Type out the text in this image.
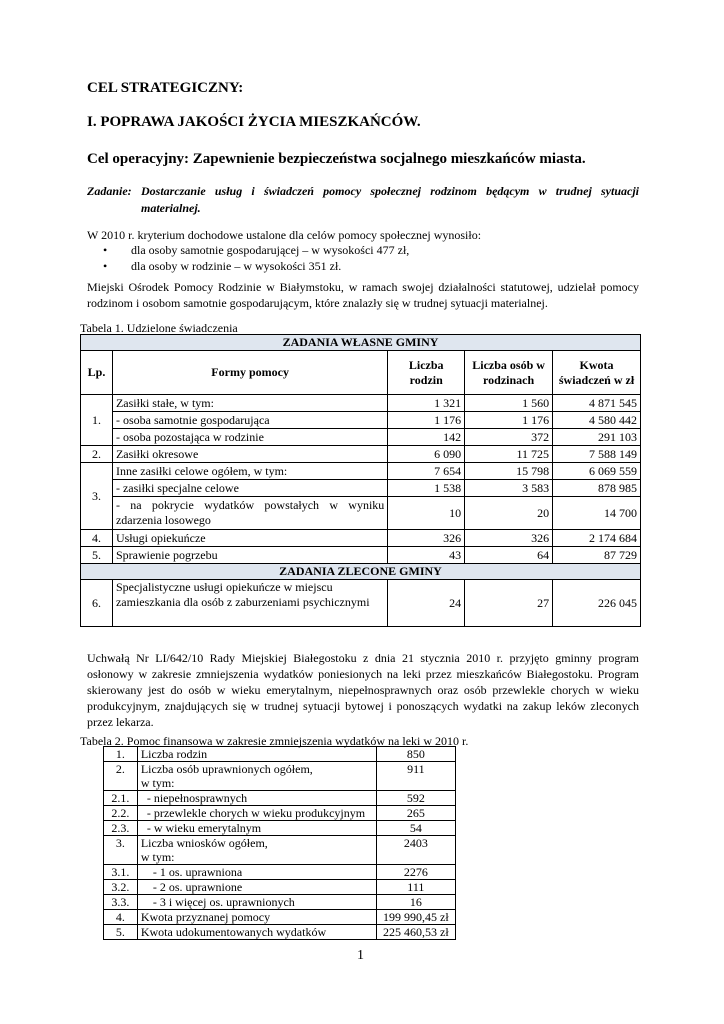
CEL STRATEGICZNY:
I. POPRAWA JAKOŚCI ŻYCIA MIESZKAŃCÓW.
Cel operacyjny: Zapewnienie bezpieczeństwa socjalnego mieszkańców miasta.
Zadanie: Dostarczanie usług i świadczeń pomocy społecznej rodzinom będącym w trudnej sytuacji materialnej.
W 2010 r. kryterium dochodowe ustalone dla celów pomocy społecznej wynosiło:
• dla osoby samotnie gospodarującej – w wysokości 477 zł,
• dla osoby w rodzinie – w wysokości 351 zł.
Miejski Ośrodek Pomocy Rodzinie w Białymstoku, w ramach swojej działalności statutowej, udzielał pomocy rodzinom i osobom samotnie gospodarującym, które znalazły się w trudnej sytuacji materialnej.
Tabela 1. Udzielone świadczenia
ZADANIA WŁASNE GMINY				
Lp.	Formy pomocy	Liczba rodzin	Liczba osób w rodzinach	Kwota świadczeń w zł
1.	Zasiłki stałe, w tym:	1 321	1 560	4 871 545
	- osoba samotnie gospodarująca	1 176	1 176	4 580 442
	- osoba pozostająca w rodzinie	142	372	291 103
2.	Zasiłki okresowe	6 090	11 725	7 588 149
3.	Inne zasiłki celowe ogółem, w tym:	7 654	15 798	6 069 559
	- zasiłki specjalne celowe	1 538	3 583	878 985
	- na pokrycie wydatków powstałych w wyniku zdarzenia losowego	10	20	14 700
4.	Usługi opiekuńcze	326	326	2 174 684
5.	Sprawienie pogrzebu	43	64	87 729
ZADANIA ZLECONE GMINY				
6.	Specjalistyczne usługi opiekuńcze w miejscu zamieszkania dla osób z zaburzeniami psychicznymi	24	27	226 045
Uchwałą Nr LI/642/10 Rady Miejskiej Białegostoku z dnia 21 stycznia 2010 r. przyjęto gminny program osłonowy w zakresie zmniejszenia wydatków poniesionych na leki przez mieszkańców Białegostoku. Program skierowany jest do osób w wieku emerytalnym, niepełnosprawnych oraz osób przewlekle chorych w wieku produkcyjnym, znajdujących się w trudnej sytuacji bytowej i ponoszących wydatki na zakup leków zleconych przez lekarza.
Tabela 2. Pomoc finansowa w zakresie zmniejszenia wydatków na leki w 2010 r.
1.	Liczba rodzin	850
2.	Liczba osób uprawnionych ogółem,
w tym:	911
2.1.	- niepełnosprawnych	592
2.2.	- przewlekle chorych w wieku produkcyjnym	265
2.3.	- w wieku emerytalnym	54
3.	Liczba wniosków ogółem,
w tym:	2403
3.1.	- 1 os. uprawniona	2276
3.2.	- 2 os. uprawnione	111
3.3.	- 3 i więcej os. uprawnionych	16
4.	Kwota przyznanej pomocy	199 990,45 zł
5.	Kwota udokumentowanych wydatków	225 460,53 zł
1
